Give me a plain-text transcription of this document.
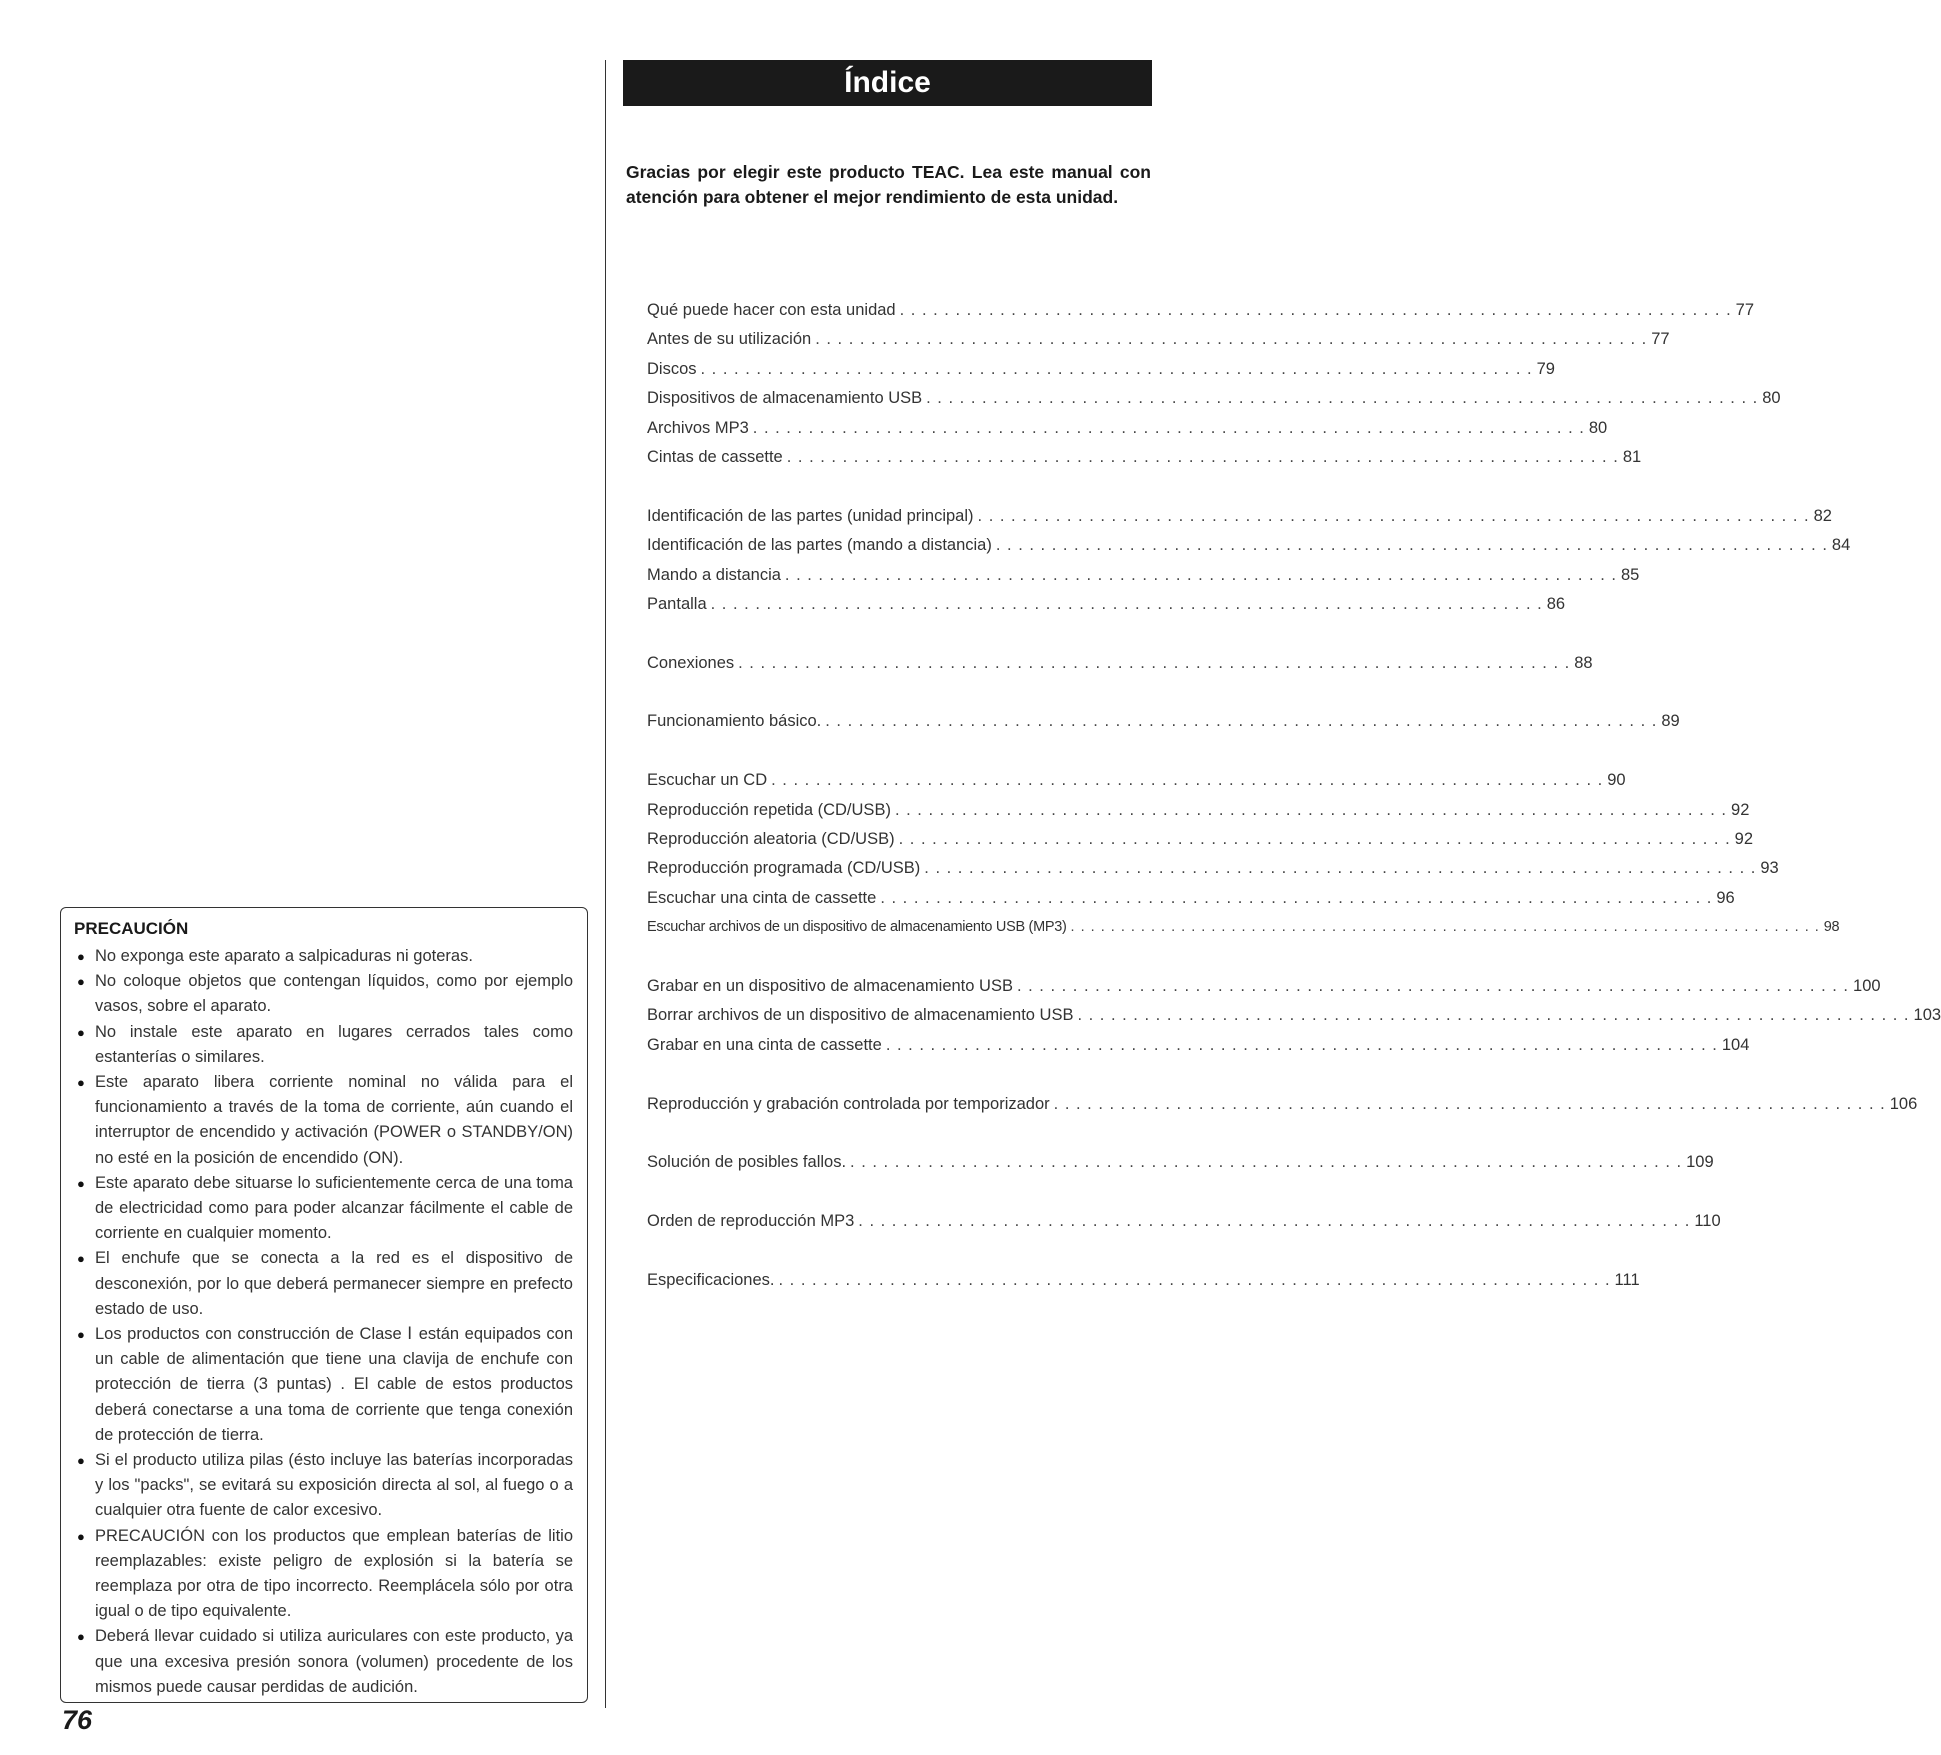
Índice
Gracias por elegir este producto TEAC. Lea este manual con
atención para obtener el mejor rendimiento de esta unidad.
Qué puede hacer con esta unidad . . . . . . . . . . . . . . . . . . . . . . . . . . . . . . . . . . . . . . . . . . . . . . . . . . . . . . . . . . . . . . . . . . . . . . . . . . . 77
Antes de su utilización . . . . . . . . . . . . . . . . . . . . . . . . . . . . . . . . . . . . . . . . . . . . . . . . . . . . . . . . . . . . . . . . . . . . . . . . . . . 77
Discos . . . . . . . . . . . . . . . . . . . . . . . . . . . . . . . . . . . . . . . . . . . . . . . . . . . . . . . . . . . . . . . . . . . . . . . . . . . 79
Dispositivos de almacenamiento USB . . . . . . . . . . . . . . . . . . . . . . . . . . . . . . . . . . . . . . . . . . . . . . . . . . . . . . . . . . . . . . . . . . . . . . . . . . . 80
Archivos MP3 . . . . . . . . . . . . . . . . . . . . . . . . . . . . . . . . . . . . . . . . . . . . . . . . . . . . . . . . . . . . . . . . . . . . . . . . . . . 80
Cintas de cassette . . . . . . . . . . . . . . . . . . . . . . . . . . . . . . . . . . . . . . . . . . . . . . . . . . . . . . . . . . . . . . . . . . . . . . . . . . . 81
Identificación de las partes (unidad principal) . . . . . . . . . . . . . . . . . . . . . . . . . . . . . . . . . . . . . . . . . . . . . . . . . . . . . . . . . . . . . . . . . . . . . . . . . . . 82
Identificación de las partes (mando a distancia) . . . . . . . . . . . . . . . . . . . . . . . . . . . . . . . . . . . . . . . . . . . . . . . . . . . . . . . . . . . . . . . . . . . . . . . . . . . 84
Mando a distancia . . . . . . . . . . . . . . . . . . . . . . . . . . . . . . . . . . . . . . . . . . . . . . . . . . . . . . . . . . . . . . . . . . . . . . . . . . . 85
Pantalla . . . . . . . . . . . . . . . . . . . . . . . . . . . . . . . . . . . . . . . . . . . . . . . . . . . . . . . . . . . . . . . . . . . . . . . . . . . 86
Conexiones . . . . . . . . . . . . . . . . . . . . . . . . . . . . . . . . . . . . . . . . . . . . . . . . . . . . . . . . . . . . . . . . . . . . . . . . . . . 88
Funcionamiento básico. . . . . . . . . . . . . . . . . . . . . . . . . . . . . . . . . . . . . . . . . . . . . . . . . . . . . . . . . . . . . . . . . . . . . . . . . . . . 89
Escuchar un CD . . . . . . . . . . . . . . . . . . . . . . . . . . . . . . . . . . . . . . . . . . . . . . . . . . . . . . . . . . . . . . . . . . . . . . . . . . . 90
Reproducción repetida (CD/USB) . . . . . . . . . . . . . . . . . . . . . . . . . . . . . . . . . . . . . . . . . . . . . . . . . . . . . . . . . . . . . . . . . . . . . . . . . . . 92
Reproducción aleatoria (CD/USB) . . . . . . . . . . . . . . . . . . . . . . . . . . . . . . . . . . . . . . . . . . . . . . . . . . . . . . . . . . . . . . . . . . . . . . . . . . . 92
Reproducción programada (CD/USB) . . . . . . . . . . . . . . . . . . . . . . . . . . . . . . . . . . . . . . . . . . . . . . . . . . . . . . . . . . . . . . . . . . . . . . . . . . . 93
Escuchar una cinta de cassette . . . . . . . . . . . . . . . . . . . . . . . . . . . . . . . . . . . . . . . . . . . . . . . . . . . . . . . . . . . . . . . . . . . . . . . . . . . 96
Escuchar archivos de un dispositivo de almacenamiento USB (MP3) . . . . . . . . . . . . . . . . . . . . . . . . . . . . . . . . . . . . . . . . . . . . . . . . . . . . . . . . . . . . . . . . . . . . . . . . . . . 98
Grabar en un dispositivo de almacenamiento USB . . . . . . . . . . . . . . . . . . . . . . . . . . . . . . . . . . . . . . . . . . . . . . . . . . . . . . . . . . . . . . . . . . . . . . . . . . . 100
Borrar archivos de un dispositivo de almacenamiento USB . . . . . . . . . . . . . . . . . . . . . . . . . . . . . . . . . . . . . . . . . . . . . . . . . . . . . . . . . . . . . . . . . . . . . . . . . . . 103
Grabar en una cinta de cassette . . . . . . . . . . . . . . . . . . . . . . . . . . . . . . . . . . . . . . . . . . . . . . . . . . . . . . . . . . . . . . . . . . . . . . . . . . . 104
Reproducción y grabación controlada por temporizador . . . . . . . . . . . . . . . . . . . . . . . . . . . . . . . . . . . . . . . . . . . . . . . . . . . . . . . . . . . . . . . . . . . . . . . . . . . 106
Solución de posibles fallos. . . . . . . . . . . . . . . . . . . . . . . . . . . . . . . . . . . . . . . . . . . . . . . . . . . . . . . . . . . . . . . . . . . . . . . . . . . . 109
Orden de reproducción MP3 . . . . . . . . . . . . . . . . . . . . . . . . . . . . . . . . . . . . . . . . . . . . . . . . . . . . . . . . . . . . . . . . . . . . . . . . . . . 110
Especificaciones. . . . . . . . . . . . . . . . . . . . . . . . . . . . . . . . . . . . . . . . . . . . . . . . . . . . . . . . . . . . . . . . . . . . . . . . . . . . 111
PRECAUCIÓN
● No exponga este aparato a salpicaduras ni goteras.
● No coloque objetos que contengan líquidos, como por ejemplo vasos, sobre el aparato.
● No instale este aparato en lugares cerrados tales como estanterías o similares.
● Este aparato libera corriente nominal no válida para el funcionamiento a través de la toma de corriente, aún cuando el interruptor de encendido y activación (POWER o STANDBY/ON) no esté en la posición de encendido (ON).
● Este aparato debe situarse lo suficientemente cerca de una toma de electricidad como para poder alcanzar fácilmente el cable de corriente en cualquier momento.
● El enchufe que se conecta a la red es el dispositivo de desconexión, por lo que deberá permanecer siempre en prefecto estado de uso.
● Los productos con construcción de Clase Ⅰ están equipados con un cable de alimentación que tiene una clavija de enchufe con protección de tierra (3 puntas) . El cable de estos productos deberá conectarse a una toma de corriente que tenga conexión de protección de tierra.
● Si el producto utiliza pilas (ésto incluye las baterías incorporadas y los "packs", se evitará su exposición directa al sol, al fuego o a cualquier otra fuente de calor excesivo.
● PRECAUCIÓN con los productos que emplean baterías de litio reemplazables: existe peligro de explosión si la batería se reemplaza por otra de tipo incorrecto. Reemplácela sólo por otra igual o de tipo equivalente.
● Deberá llevar cuidado si utiliza auriculares con este producto, ya que una excesiva presión sonora (volumen) procedente de los mismos puede causar perdidas de audición.
76
